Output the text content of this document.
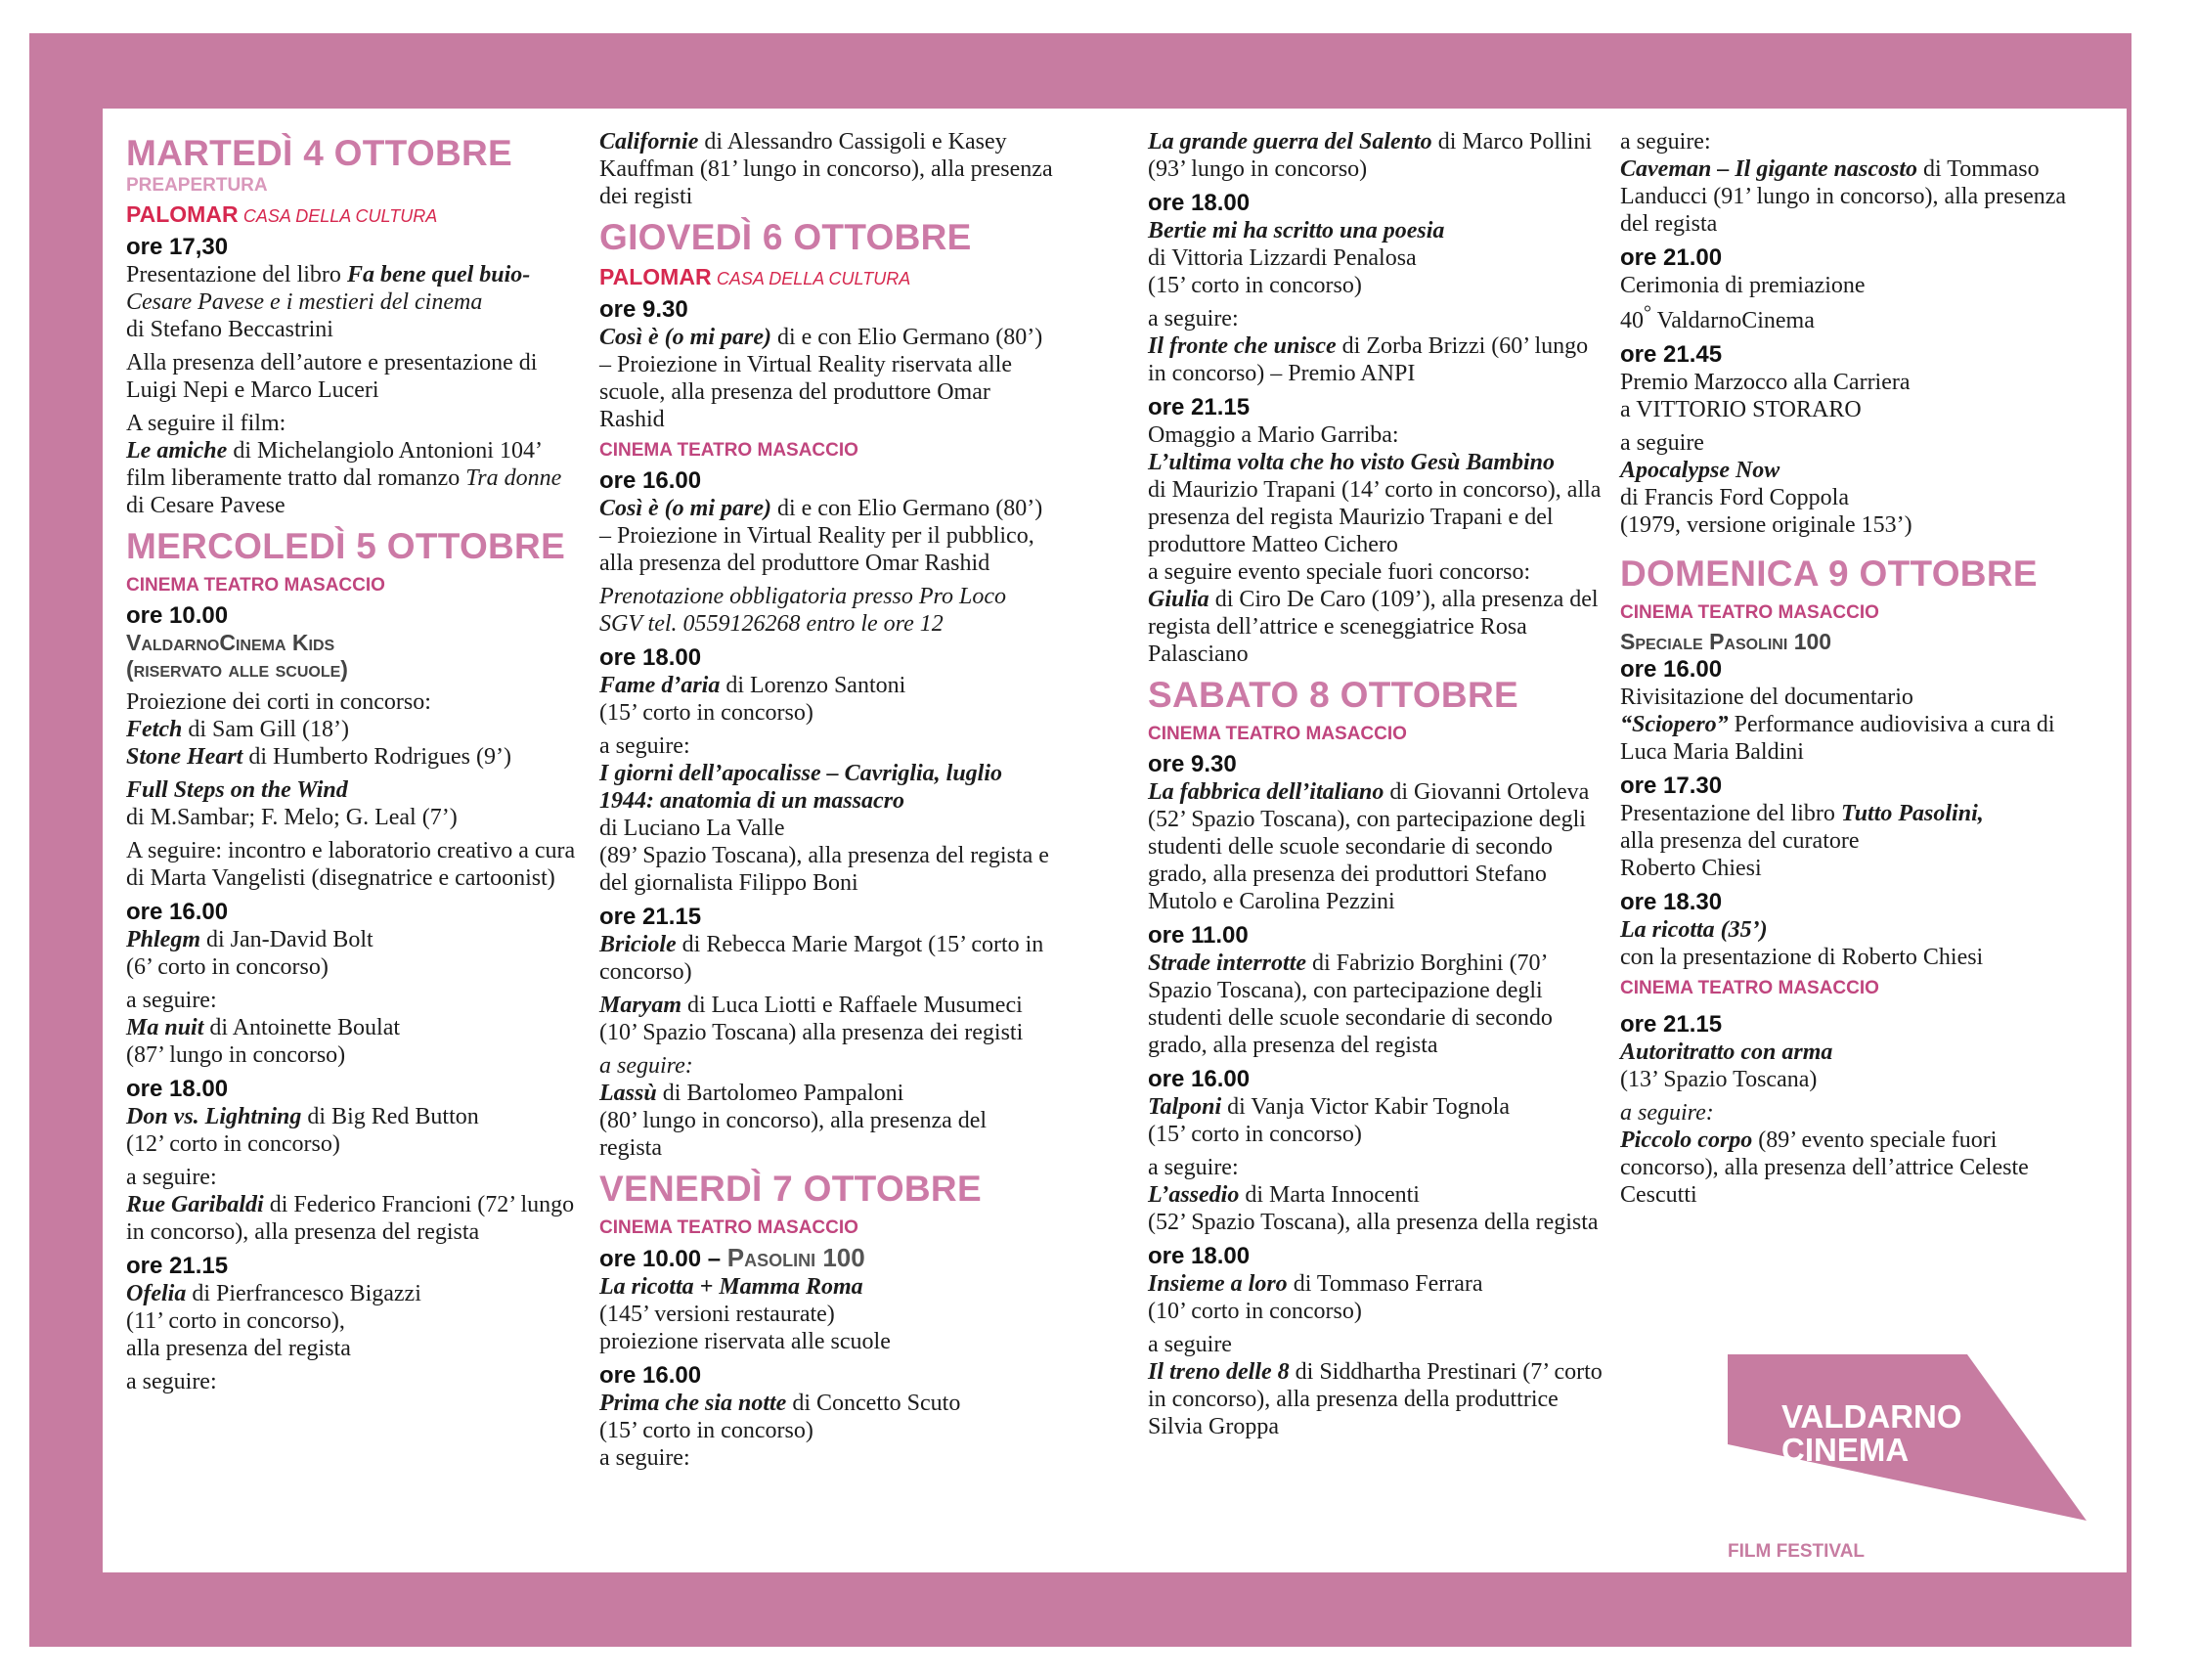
MARTEDÌ 4 OTTOBRE
PREAPERTURA
PALOMAR CASA DELLA CULTURA
ore 17,30
Presentazione del libro Fa bene quel buio- Cesare Pavese e i mestieri del cinema
di Stefano Beccastrini
Alla presenza dell’autore e presentazione di Luigi Nepi e Marco Luceri
A seguire il film:
Le amiche di Michelangiolo Antonioni 104’ film liberamente tratto dal romanzo Tra donne di Cesare Pavese
MERCOLEDÌ 5 OTTOBRE
CINEMA TEATRO MASACCIO
ore 10.00
ValdarnoCinema Kids
(riservato alle scuole)
Proiezione dei corti in concorso:
Fetch di Sam Gill (18’)
Stone Heart di Humberto Rodrigues (9’)
Full Steps on the Wind
di M.Sambar; F. Melo; G. Leal (7’)
A seguire: incontro e laboratorio creativo a cura di Marta Vangelisti (disegnatrice e cartoonist)
ore 16.00
Phlegm di Jan-David Bolt
(6’ corto in concorso)
a seguire:
Ma nuit di Antoinette Boulat
(87’ lungo in concorso)
ore 18.00
Don vs. Lightning di Big Red Button
(12’ corto in concorso)
a seguire:
Rue Garibaldi di Federico Francioni (72’ lungo in concorso), alla presenza del regista
ore 21.15
Ofelia di Pierfrancesco Bigazzi
(11’ corto in concorso),
alla presenza del regista
a seguire:
Californie di Alessandro Cassigoli e Kasey Kauffman (81’ lungo in concorso), alla presenza dei registi
GIOVEDÌ 6 OTTOBRE
PALOMAR CASA DELLA CULTURA
ore 9.30
Così è (o mi pare) di e con Elio Germano (80’) – Proiezione in Virtual Reality riservata alle scuole, alla presenza del produttore Omar Rashid
CINEMA TEATRO MASACCIO
ore 16.00
Così è (o mi pare) di e con Elio Germano (80’) – Proiezione in Virtual Reality per il pubblico, alla presenza del produttore Omar Rashid
Prenotazione obbligatoria presso Pro Loco SGV tel. 0559126268 entro le ore 12
ore 18.00
Fame d’aria di Lorenzo Santoni
(15’ corto in concorso)
a seguire:
I giorni dell’apocalisse – Cavriglia, luglio 1944: anatomia di un massacro
di Luciano La Valle
(89’ Spazio Toscana), alla presenza del regista e del giornalista Filippo Boni
ore 21.15
Briciole di Rebecca Marie Margot (15’ corto in concorso)
Maryam di Luca Liotti e Raffaele Musumeci (10’ Spazio Toscana) alla presenza dei registi
a seguire:
Lassù di Bartolomeo Pampaloni
(80’ lungo in concorso), alla presenza del regista
VENERDÌ 7 OTTOBRE
CINEMA TEATRO MASACCIO
ore 10.00 – Pasolini 100
La ricotta + Mamma Roma
(145’ versioni restaurate)
proiezione riservata alle scuole
ore 16.00
Prima che sia notte di Concetto Scuto
(15’ corto in concorso)
a seguire:
La grande guerra del Salento di Marco Pollini (93’ lungo in concorso)
ore 18.00
Bertie mi ha scritto una poesia
di Vittoria Lizzardi Penalosa
(15’ corto in concorso)
a seguire:
Il fronte che unisce di Zorba Brizzi (60’ lungo in concorso) – Premio ANPI
ore 21.15
Omaggio a Mario Garriba:
L’ultima volta che ho visto Gesù Bambino
di Maurizio Trapani (14’ corto in concorso), alla presenza del regista Maurizio Trapani e del produttore Matteo Cichero
a seguire evento speciale fuori concorso:
Giulia di Ciro De Caro (109’), alla presenza del regista dell’attrice e sceneggiatrice Rosa Palasciano
SABATO 8 OTTOBRE
CINEMA TEATRO MASACCIO
ore 9.30
La fabbrica dell’italiano di Giovanni Ortoleva (52’ Spazio Toscana), con partecipazione degli studenti delle scuole secondarie di secondo grado, alla presenza dei produttori Stefano Mutolo e Carolina Pezzini
ore 11.00
Strade interrotte di Fabrizio Borghini (70’ Spazio Toscana), con partecipazione degli studenti delle scuole secondarie di secondo grado, alla presenza del regista
ore 16.00
Talponi di Vanja Victor Kabir Tognola
(15’ corto in concorso)
a seguire:
L’assedio di Marta Innocenti
(52’ Spazio Toscana), alla presenza della regista
ore 18.00
Insieme a loro di Tommaso Ferrara
(10’ corto in concorso)
a seguire
Il treno delle 8 di Siddhartha Prestinari (7’ corto in concorso), alla presenza della produttrice Silvia Groppa
a seguire:
Caveman – Il gigante nascosto di Tommaso Landucci (91’ lungo in concorso), alla presenza del regista
ore 21.00
Cerimonia di premiazione
40° ValdarnoCinema
ore 21.45
Premio Marzocco alla Carriera
a VITTORIO STORARO
a seguire
Apocalypse Now
di Francis Ford Coppola
(1979, versione originale 153’)
DOMENICA 9 OTTOBRE
CINEMA TEATRO MASACCIO
Speciale Pasolini 100
ore 16.00
Rivisitazione del documentario
“Sciopero” Performance audiovisiva a cura di Luca Maria Baldini
ore 17.30
Presentazione del libro Tutto Pasolini,
alla presenza del curatore
Roberto Chiesi
ore 18.30
La ricotta (35’)
con la presentazione di Roberto Chiesi
CINEMA TEATRO MASACCIO
ore 21.15
Autoritratto con arma
(13’ Spazio Toscana)
a seguire:
Piccolo corpo (89’ evento speciale fuori concorso), alla presenza dell’attrice Celeste Cescutti
VALDARNO
CINEMA
FILM FESTIVAL
